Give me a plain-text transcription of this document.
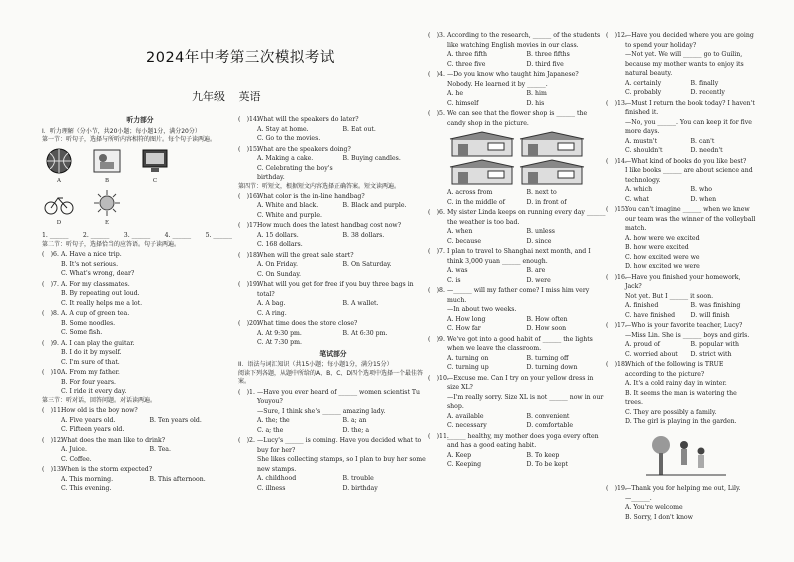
2024年中考第三次模拟考试
九年级 英语
听力部分
I．听力理解（分小节，共20小题；每小题1分，满分20分）
第一节：听句子，选择与所听内容相符的图片。每个句子读两遍。
A	B	C
D	E
1. ______ 2. ______ 3. ______ 4. ______ 5. ______
第二节：听句子，选择恰当的应答语。句子读两遍。
(　)6. A. Have a nice trip.
B. It's not serious.
C. What's wrong, dear?
(　)7. A. For my classmates.
B. By repeating out loud.
C. It really helps me a lot.
(　)8. A. A cup of green tea.
B. Some noodles.
C. Some fish.
(　)9. A. I can play the guitar.
B. I do it by myself.
C. I'm sure of that.
(　)10.
A. From my father.
B. For four years.
C. I ride it every day.
第三节：听对话，回答问题。对话读两遍。
(　)11.
How old is the boy now?
A. Five years old.	B. Ten years old.
C. Fifteen years old.
(　)12.
What does the man like to drink?
A. Juice.	B. Tea.
C. Coffee.
(　)13.
When is the storm expected?
A. This morning.	B. This afternoon.
C. This evening.
(　)14.
What will the speakers do later?
A. Stay at home.	B. Eat out.
C. Go to the movies.
(　)15.
What are the speakers doing?
A. Making a cake.	B. Buying candles.
C. Celebrating the boy's birthday.
第四节：听短文，根据短文内容选择正确答案。短文读两遍。
(　)16.
What color is the in-line handbag?
A. White and black.	B. Black and purple.
C. White and purple.
(　)17.
How much does the latest handbag cost now?
A. 15 dollars.	B. 38 dollars.
C. 168 dollars.
(　)18.
When will the great sale start?
A. On Friday.	B. On Saturday.
C. On Sunday.
(　)19.
What will you get for free if you buy three bags in total?
A. A bag.	B. A wallet.
C. A ring.
(　)20.
What time does the store close?
A. At 9:30 pm.	B. At 6:30 pm.
C. At 7:30 pm.
笔试部分
II．语法与词汇知识（共15小题；每小题1分，满分15分）
阅读下列各题，从题中所给的A、B、C、D四个选项中选择一个最佳答案。
(　)1. —Have you ever heard of ______ women scientist Tu Youyou?
—Sure, I think she's ______ amazing lady.
A. the; the	B. a; an
C. a; the	D. the; a
(　)2. —Lucy's ______ is coming. Have you decided what to buy for her?
She likes collecting stamps, so I plan to buy her some new stamps.
A. childhood	B. trouble
C. illness	D. birthday
(　)3. According to the research, ______ of the students like watching English movies in our class.
A. three fifth	B. three fifths
C. three five	D. third five
(　)4. —Do you know who taught him Japanese?
Nobody. He learned it by ______.
A. he	B. him
C. himself	D. his
(　)5. We can see that the flower shop is ______ the candy shop in the picture.
A. across from	B. next to
C. in the middle of	D. in front of
(　)6. My sister Linda keeps on running every day ______ the weather is too bad.
A. when	B. unless
C. because	D. since
(　)7. I plan to travel to Shanghai next month, and I think 3,000 yuan ______ enough.
A. was	B. are
C. is	D. were
(　)8. —______ will my father come? I miss him very much.
—In about two weeks.
A. How long	B. How often
C. How far	D. How soon
(　)9. We've got into a good habit of ______ the lights when we leave the classroom.
A. turning on	B. turning off
C. turning up	D. turning down
(　)10.
—Excuse me. Can I try on your yellow dress in size XL?
—I'm really sorry. Size XL is not ______ now in our shop.
A. available	B. convenient
C. necessary	D. comfortable
(　)11.
______ healthy, my mother does yoga every often and has a good eating habit.
A. Keep	B. To keep
C. Keeping	D. To be kept
(　)12.
—Have you decided where you are going to spend your holiday?
—Not yet. We will ______ go to Guilin, because my mother wants to enjoy its natural beauty.
A. certainly	B. finally
C. probably	D. recently
(　)13.
—Must I return the book today? I haven't finished it.
—No, you ______. You can keep it for five more days.
A. mustn't	B. can't
C. shouldn't	D. needn't
(　)14.
—What kind of books do you like best?
I like books ______ are about science and technology.
A. which	B. who
C. what	D. when
(　)15.
You can't imagine ______ when we knew our team was the winner of the volleyball match.
A. how were we excited
B. how were excited
C. how excited were we
D. how excited we were
(　)16.
—Have you finished your homework, Jack?
Not yet. But I ______ it soon.
A. finished	B. was finishing
C. have finished	D. will finish
(　)17.
—Who is your favorite teacher, Lucy?
—Miss Lin. She is ______ boys and girls.
A. proud of	B. popular with
C. worried about	D. strict with
(　)18.
Which of the following is TRUE according to the picture?
A. It's a cold rainy day in winter.
B. It seems the man is watering the trees.
C. They are possibly a family.
D. The girl is playing in the garden.
(　)19.
—Thank you for helping me out, Lily.
—______.
A. You're welcome
B. Sorry, I don't know
